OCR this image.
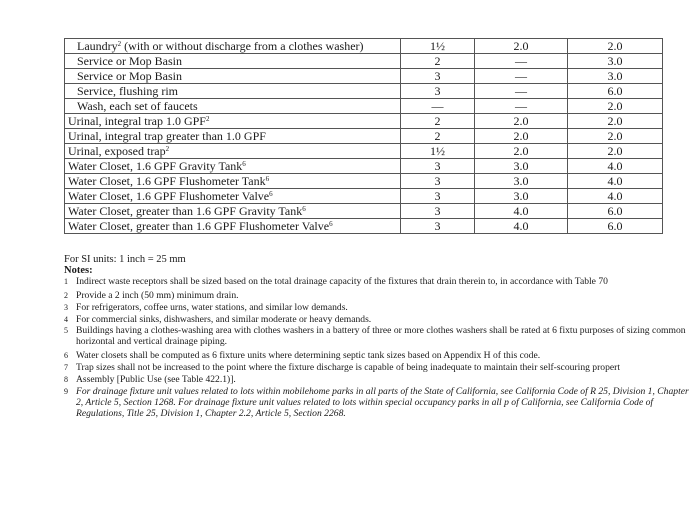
Laundry$^2$ (with or without discharge from a clothes washer)	1½	2.0	2.0
Service or Mop Basin	2	—	3.0
Service or Mop Basin	3	—	3.0
Service, flushing rim	3	—	6.0
Wash, each set of faucets	—	—	2.0
Urinal, integral trap 1.0 GPF$^2$	2	2.0	2.0
Urinal, integral trap greater than 1.0 GPF	2	2.0	2.0
Urinal, exposed trap$^2$	1½	2.0	2.0
Water Closet, 1.6 GPF Gravity Tank$^6$	3	3.0	4.0
Water Closet, 1.6 GPF Flushometer Tank$^6$	3	3.0	4.0
Water Closet, 1.6 GPF Flushometer Valve$^6$	3	3.0	4.0
Water Closet, greater than 1.6 GPF Gravity Tank$^6$	3	4.0	6.0
Water Closet, greater than 1.6 GPF Flushometer Valve$^6$	3	4.0	6.0
For SI units: 1 inch = 25 mm
Notes:
1 Indirect waste receptors shall be sized based on the total drainage capacity of the fixtures that drain therein to, in accordance with Table 70
2 Provide a 2 inch (50 mm) minimum drain.
3 For refrigerators, coffee urns, water stations, and similar low demands.
4 For commercial sinks, dishwashers, and similar moderate or heavy demands.
5 Buildings having a clothes-washing area with clothes washers in a battery of three or more clothes washers shall be rated at 6 fixtu purposes of sizing common horizontal and vertical drainage piping.
6 Water closets shall be computed as 6 fixture units where determining septic tank sizes based on Appendix H of this code.
7 Trap sizes shall not be increased to the point where the fixture discharge is capable of being inadequate to maintain their self-scouring propert
8 Assembly [Public Use (see Table 422.1)].
9 For drainage fixture unit values related to lots within mobilehome parks in all parts of the State of California, see California Code of R 25, Division 1, Chapter 2, Article 5, Section 1268. For drainage fixture unit values related to lots within special occupancy parks in all p of California, see California Code of Regulations, Title 25, Division 1, Chapter 2.2, Article 5, Section 2268.
